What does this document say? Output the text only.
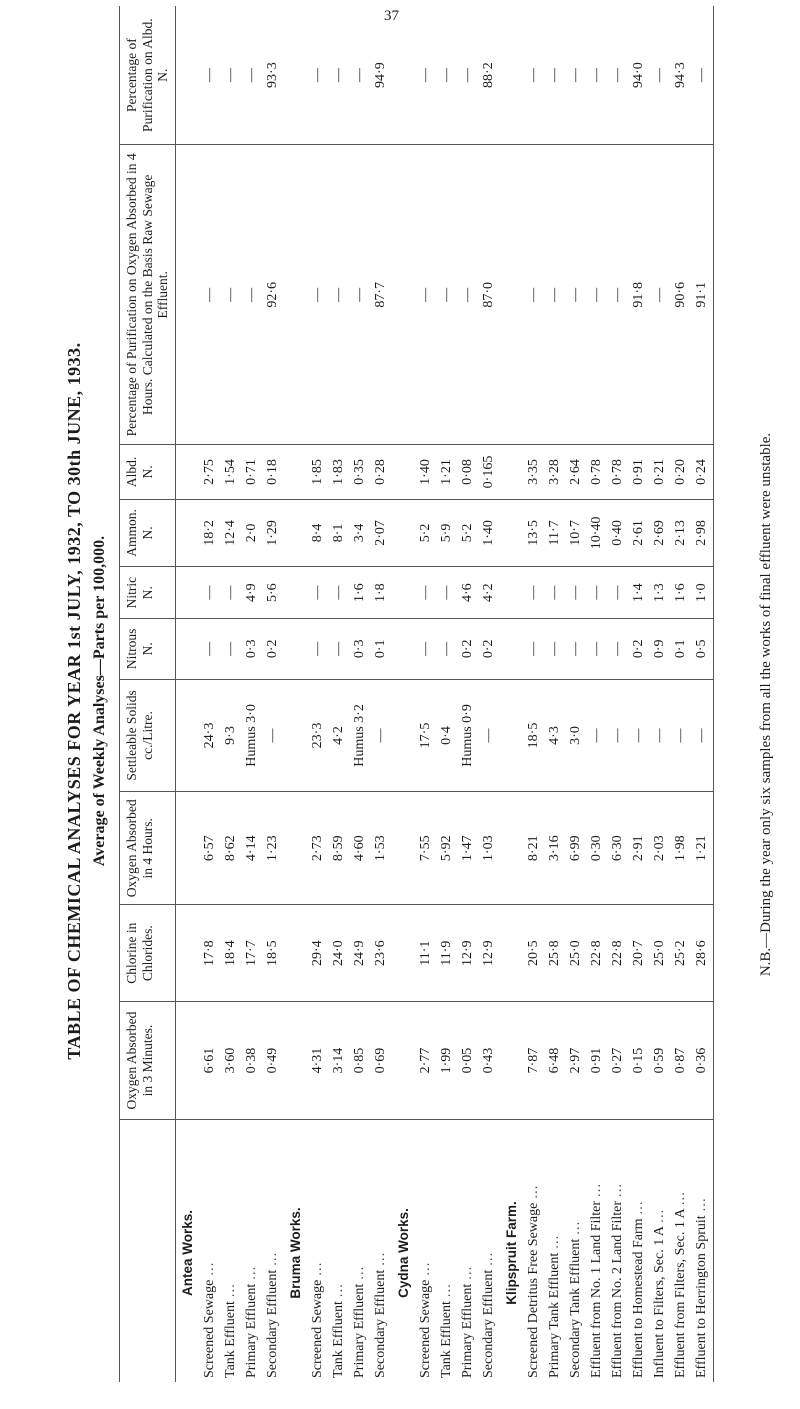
37
N.B.—During the year only six samples from all the works of final effluent were unstable.
TABLE OF CHEMICAL ANALYSES FOR YEAR 1st JULY, 1932, TO 30th JUNE, 1933. Average of Weekly Analyses—Parts per 100,000.
	Oxygen Absorbed in 3 Minutes.	Chlorine in Chlorides.	Oxygen Absorbed in 4 Hours.	Settleable Solids cc./Litre.	Nitrous N.	Nitric N.	Ammon. N.	Albd. N.	Percentage of Purification on Oxygen Absorbed in 4 Hours. Calculated on the Basis Raw Sewage Effluent.	Percentage of Purification on Albd. N.
Antea Works.										
Screened Sewage …	6·61	17·8	6·57	24·3	—	—	18·2	2·75	—	—
Tank Effluent …	3·60	18·4	8·62	9·3	—	—	12·4	1·54	—	—
Primary Effluent …	0·38	17·7	4·14	Humus 3·0	0·3	4·9	2·0	0·71	—	—
Secondary Effluent …	0·49	18·5	1·23	—	0·2	5·6	1·29	0·18	92·6	93·3
Bruma Works.										
Screened Sewage …	4·31	29·4	2·73	23·3	—	—	8·4	1·85	—	—
Tank Effluent …	3·14	24·0	8·59	4·2	—	—	8·1	1·83	—	—
Primary Effluent …	0·85	24·9	4·60	Humus 3·2	0·3	1·6	3·4	0·35	—	—
Secondary Effluent …	0·69	23·6	1·53	—	0·1	1·8	2·07	0·28	87·7	94·9
Cydna Works.										
Screened Sewage …	2·77	11·1	7·55	17·5	—	—	5·2	1·40	—	—
Tank Effluent …	1·99	11·9	5·92	0·4	—	—	5·9	1·21	—	—
Primary Effluent …	0·05	12·9	1·47	Humus 0·9	0·2	4·6	5·2	0·08	—	—
Secondary Effluent …	0·43	12·9	1·03	—	0·2	4·2	1·40	0·165	87·0	88·2
Klipspruit Farm.										
Screened Detritus Free Sewage …	7·87	20·5	8·21	18·5	—	—	13·5	3·35	—	—
Primary Tank Effluent …	6·48	25·8	3·16	4·3	—	—	11·7	3·28	—	—
Secondary Tank Effluent …	2·97	25·0	6·99	3·0	—	—	10·7	2·64	—	—
Effluent from No. 1 Land Filter …	0·91	22·8	0·30	—	—	—	10·40	0·78	—	—
Effluent from No. 2 Land Filter …	0·27	22·8	6·30	—	—	—	0·40	0·78	—	—
Effluent to Homestead Farm …	0·15	20·7	2·91	—	0·2	1·4	2·61	0·91	91·8	94·0
Influent to Filters, Sec. 1 A …	0·59	25·0	2·03	—	0·9	1·3	2·69	0·21	—	—
Effluent from Filters, Sec. 1 A …	0·87	25·2	1·98	—	0·1	1·6	2·13	0·20	90·6	94·3
Effluent to Herrington Spruit …	0·36	28·6	1·21	—	0·5	1·0	2·98	0·24	91·1	—
